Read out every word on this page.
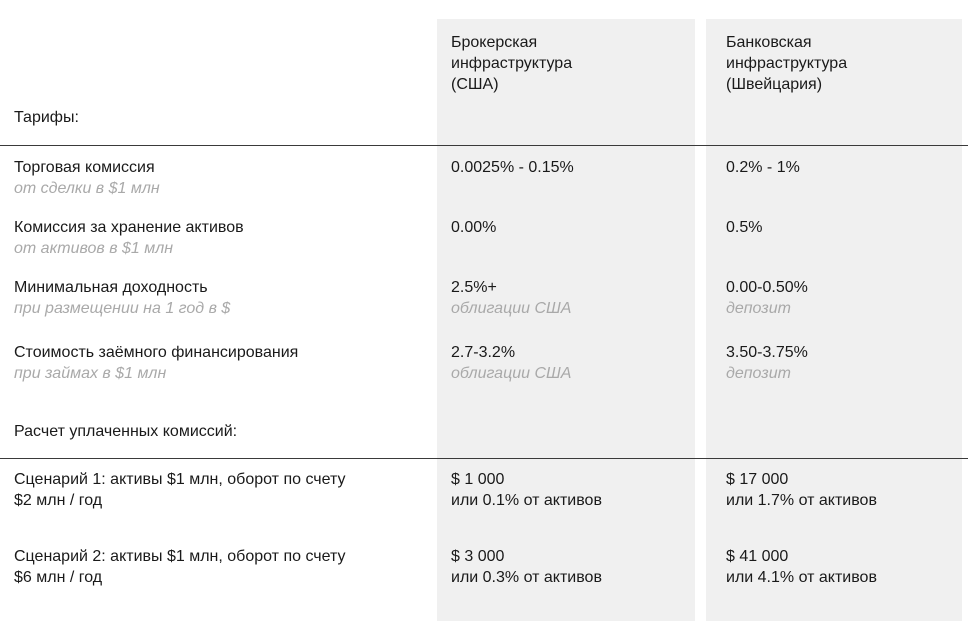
Брокерская
инфраструктура
(США)
Банковская
инфраструктура
(Швейцария)
Тарифы:
Торговая комиссия
от сделки в $1 млн
0.0025% - 0.15%	0.2% - 1%
Комиссия за хранение активов
от активов в $1 млн
0.00%	0.5%
Минимальная доходность
при размещении на 1 год в $
2.5%+
облигации США
0.00-0.50%
депозит
Стоимость заёмного финансирования
при займах в $1 млн
2.7-3.2%
облигации США
3.50-3.75%
депозит
Расчет уплаченных комиссий:
Сценарий 1: активы $1 млн, оборот по счету
$2 млн / год
$ 1 000
или 0.1% от активов
$ 17 000
или 1.7% от активов
Сценарий 2: активы $1 млн, оборот по счету
$6 млн / год
$ 3 000
или 0.3% от активов
$ 41 000
или 4.1% от активов
